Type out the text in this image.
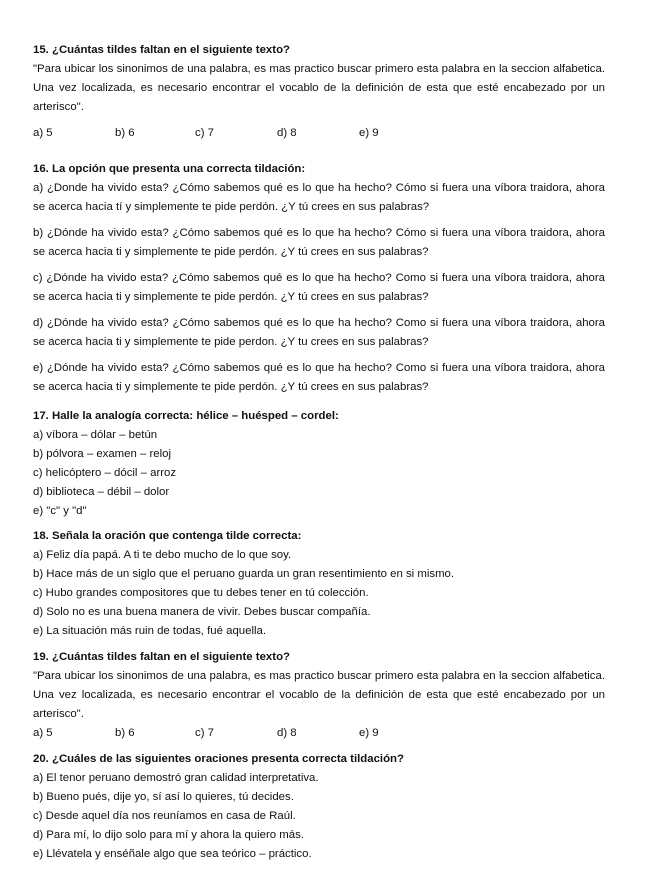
15. ¿Cuántas tildes faltan en el siguiente texto?
"Para ubicar los sinonimos de una palabra, es mas practico buscar primero esta palabra en la seccion alfabetica. Una vez localizada, es necesario encontrar el vocablo de la definición de esta que esté encabezado por un arterisco".
a) 5	b) 6	c) 7	d) 8	e) 9
16. La opción que presenta una correcta tildación:
a) ¿Donde ha vivido esta? ¿Cómo sabemos qué es lo que ha hecho? Cómo si fuera una víbora traidora, ahora se acerca hacia tí y simplemente te pide perdón. ¿Y tú crees en sus palabras?
b) ¿Dónde ha vivido esta? ¿Cómo sabemos qué es lo que ha hecho? Cómo si fuera una víbora traidora, ahora se acerca hacia ti y simplemente te pide perdón. ¿Y tú crees en sus palabras?
c) ¿Dónde ha vivido esta? ¿Cómo sabemos qué es lo que ha hecho? Como si fuera una víbora traidora, ahora se acerca hacia ti y simplemente te pide perdón. ¿Y tú crees en sus palabras?
d) ¿Dónde ha vivido esta? ¿Cómo sabemos qué es lo que ha hecho? Como si fuera una víbora traidora, ahora se acerca hacia ti y simplemente te pide perdon. ¿Y tu crees en sus palabras?
e) ¿Dónde ha vivido esta? ¿Cómo sabemos qué es lo que ha hecho? Como si fuera una víbora traidora, ahora se acerca hacia ti y simplemente te pide perdón. ¿Y tú crees en sus palabras?
17. Halle la analogía correcta: hélice – huésped – cordel:
a) víbora – dólar – betún
b) pólvora – examen – reloj
c) helicóptero – dócil – arroz
d) biblioteca – débil – dolor
e) "c" y "d"
18. Señala la oración que contenga tilde correcta:
a) Feliz día papá. A ti te debo mucho de lo que soy.
b) Hace más de un siglo que el peruano guarda un gran resentimiento en si mismo.
c) Hubo grandes compositores que tu debes tener en tú colección.
d) Solo no es una buena manera de vivir. Debes buscar compañía.
e) La situación más ruin de todas, fué aquella.
19. ¿Cuántas tildes faltan en el siguiente texto?
"Para ubicar los sinonimos de una palabra, es mas practico buscar primero esta palabra en la seccion alfabetica. Una vez localizada, es necesario encontrar el vocablo de la definición de esta que esté encabezado por un arterisco".
a) 5	b) 6	c) 7	d) 8	e) 9
20. ¿Cuáles de las siguientes oraciones presenta correcta tildación?
a) El tenor peruano demostró gran calidad interpretativa.
b) Bueno pués, dije yo, sí así lo quieres, tú decides.
c) Desde aquel día nos reuníamos en casa de Raúl.
d) Para mí, lo dijo solo para mí y ahora la quiero más.
e) Llévatela y enséñale algo que sea teórico – práctico.
